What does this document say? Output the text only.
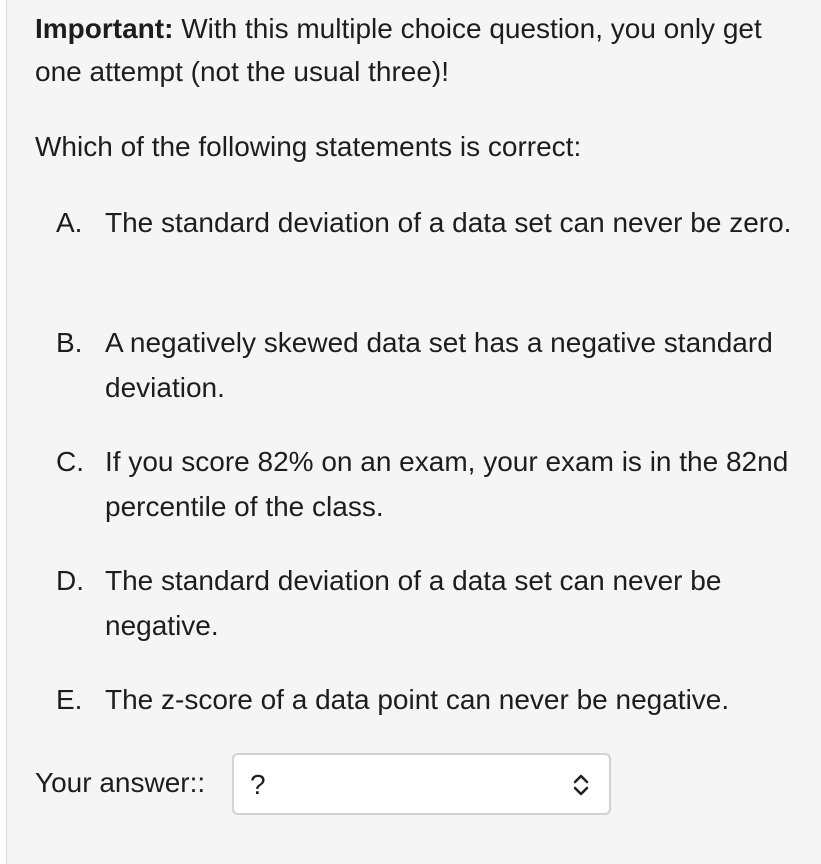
Important: With this multiple choice question, you only get one attempt (not the usual three)!

Which of the following statements is correct:

A. The standard deviation of a data set can never be zero.
B. A negatively skewed data set has a negative standard deviation.
C. If you score 82% on an exam, your exam is in the 82nd percentile of the class.
D. The standard deviation of a data set can never be negative.
E. The z-score of a data point can never be negative.
Your answer:: ?
